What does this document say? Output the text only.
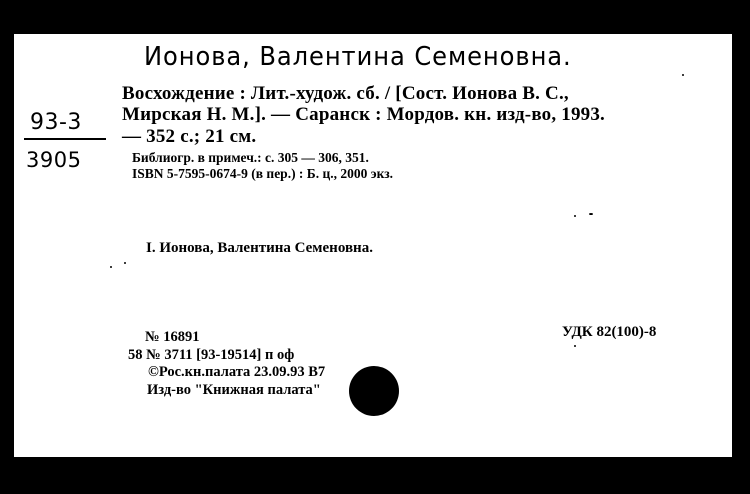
Ионова, Валентина Семеновна.
93-3
3905
Восхождение : Лит.-худож. сб. / [Сост. Ионова В. С.,
Мирская Н. М.]. — Саранск : Мордов. кн. изд-во, 1993.
— 352 с.; 21 см.
Библиогр. в примеч.: с. 305 — 306, 351.
ISBN 5-7595-0674-9 (в пер.) : Б. ц., 2000 экз.
I. Ионова, Валентина Семеновна.
№ 16891
58 № 3711 [93-19514] п оф
©Рос.кн.палата 23.09.93 В7
Изд-во "Книжная палата"
УДК 82(100)-8
